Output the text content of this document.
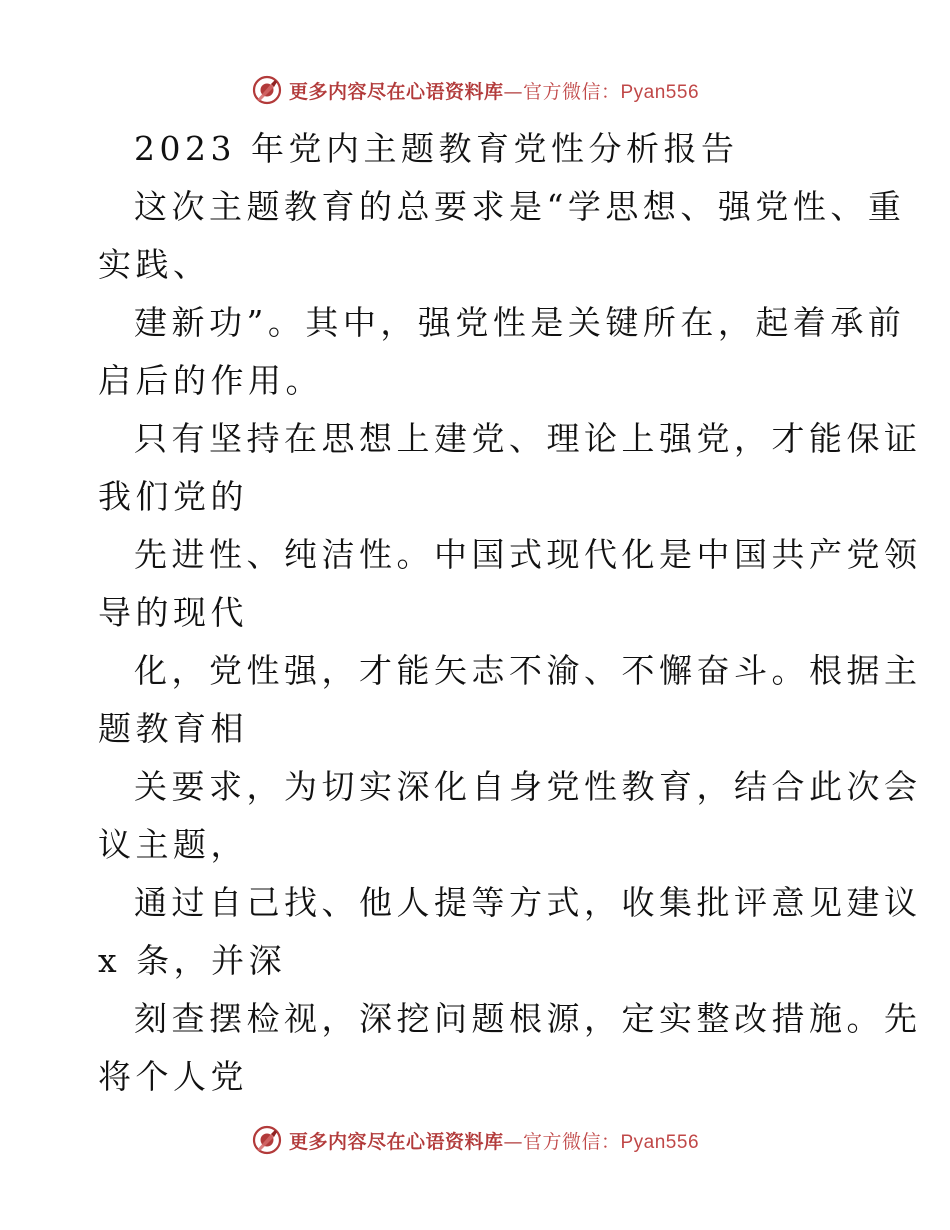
更多内容尽在心语资料库—官方微信：Pyan556
2023 年党内主题教育党性分析报告
这次主题教育的总要求是“学思想、强党性、重
实践、
建新功”。其中，强党性是关键所在，起着承前
启后的作用。
只有坚持在思想上建党、理论上强党，才能保证
我们党的
先进性、纯洁性。中国式现代化是中国共产党领
导的现代
化，党性强，才能矢志不渝、不懈奋斗。根据主
题教育相
关要求，为切实深化自身党性教育，结合此次会
议主题，
通过自己找、他人提等方式，收集批评意见建议
x 条，并深
刻查摆检视，深挖问题根源，定实整改措施。先
将个人党
更多内容尽在心语资料库—官方微信：Pyan556
